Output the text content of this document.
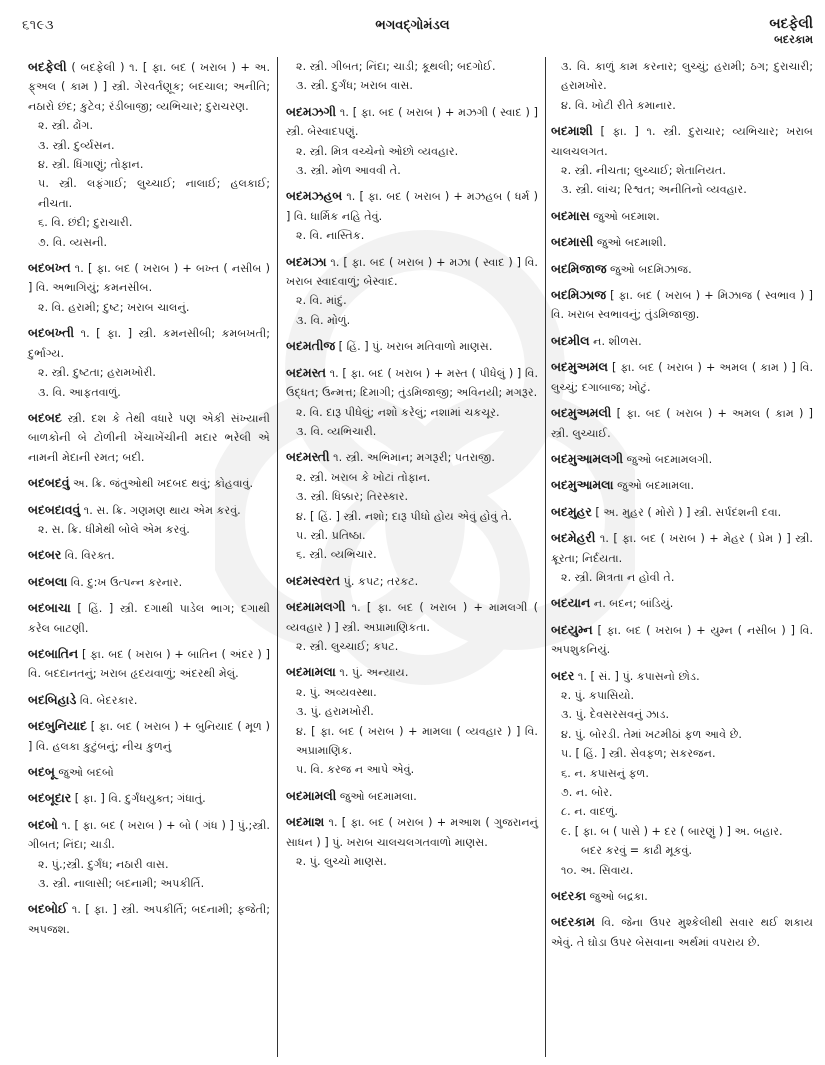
૬૧૯૩	ભગવદ્ગોમંડલ	બદફેલી
બદરકામ
બદફેલી ( બદફેલી ) ૧. [ ફા. બદ ( ખરાબ ) + અ. ફ્અલ ( કામ ) ] સ્ત્રી. ગેરવર્તણૂક; બદચાલ; અનીતિ; નઠારો છંદ; કુટેવ; રંડીબાજી; વ્યભિચાર; દુરાચરણ.
૨. સ્ત્રી. ઢોંગ.
૩. સ્ત્રી. દુર્વ્યસન.
૪. સ્ત્રી. ધિંગાણું; તોફાન.
૫. સ્ત્રી. લફંગાઈ; લુચ્ચાઈ; નાલાઈ; હલકાઈ; નીચતા.
૬. વિ. છંદી; દુરાચારી.
૭. વિ. વ્યસની.
બદબખ્ત ૧. [ ફા. બદ ( ખરાબ ) + બખ્ત ( નસીબ ) ] વિ. અભાગિયું; કમનસીબ.
૨. વિ. હરામી; દુષ્ટ; ખરાબ ચાલનું.
બદબખ્તી ૧. [ ફા. ] સ્ત્રી. કમનસીબી; કમબખતી; દુર્ભાગ્ય.
૨. સ્ત્રી. દુષ્ટતા; હરામખોરી.
૩. વિ. આફતવાળું.
બદબદ સ્ત્રી. દશ કે તેથી વધારે પણ એકી સંખ્યાની બાળકોની બે ટોળીની ખેંચાખેંચીની મદાર ભરેલી એ નામની મેદાની રમત; બદી.
બદબદવું અ. ક્રિ. જંતુઓથી ખદબદ થવું; કોહવાવું.
બદબદાવવું ૧. સ. ક્રિ. ગણમણ થાય એમ કરવું.
૨. સ. ક્રિ. ધીમેથી બોલે એમ કરવું.
બદબર વિ. વિરક્ત.
બદબલા વિ. દુ:ખ ઉત્પન્ન કરનાર.
બદબાચા [ હિં. ] સ્ત્રી. દગાથી પાડેલ ભાગ; દગાથી કરેલ બાટણી.
બદબાતિન [ ફા. બદ ( ખરાબ ) + બાતિન ( અંદર ) ] વિ. બદદાનતનું; ખરાબ હૃદયવાળું; અંદરથી મેલું.
બદબિહાડે વિ. બેદરકાર.
બદબુનિયાદ [ ફા. બદ ( ખરાબ ) + બુનિયાદ ( મૂળ ) ] વિ. હલકા કુટુંબનું; નીચ કુળનું
બદબૂ જુઓ બદબો
બદબૂદાર [ ફા. ] વિ. દુર્ગંધયુક્ત; ગંધાતું.
બદબો ૧. [ ફા. બદ ( ખરાબ ) + બો ( ગંધ ) ] પું.;સ્ત્રી. ગીબત; નિંદા; ચાડી.
૨. પું.;સ્ત્રી. દુર્ગંધ; નઠારી વાસ.
૩. સ્ત્રી. નાલાસી; બદનામી; અપકીર્તિ.
બદબોઈ ૧. [ ફા. ] સ્ત્રી. અપકીર્તિ; બદનામી; ફજેતી; અપજશ.
૨. સ્ત્રી. ગીબત; નિંદા; ચાડી; કૂથલી; બદગોઈ.
૩. સ્ત્રી. દુર્ગંધ; ખરાબ વાસ.
બદમઝગી ૧. [ ફા. બદ ( ખરાબ ) + મઝગી ( સ્વાદ ) ] સ્ત્રી. બેસ્વાદપણું.
૨. સ્ત્રી. મિત્ર વચ્ચેનો ઓછો વ્યવહાર.
૩. સ્ત્રી. મોળ આવવી તે.
બદમઝહબ ૧. [ ફા. બદ ( ખરાબ ) + મઝહબ ( ધર્મ ) ] વિ. ધાર્મિક નહિ તેવું.
૨. વિ. નાસ્તિક.
બદમઝા ૧. [ ફા. બદ ( ખરાબ ) + મઝા ( સ્વાદ ) ] વિ. ખરાબ સ્વાદવાળું; બેસ્વાદ.
૨. વિ. માંદું.
૩. વિ. મોળું.
બદમતીજ [ હિં. ] પું. ખરાબ મતિવાળો માણસ.
બદમસ્ત ૧. [ ફા. બદ ( ખરાબ ) + મસ્ત ( પીધેલું ) ] વિ. ઉદ્ધત; ઉન્મત્ત; દિમાગી; તુંડમિજાજી; અવિનયી; મગરૂર.
૨. વિ. દારૂ પીધેલું; નશો કરેલું; નશામાં ચકચૂર.
૩. વિ. વ્યભિચારી.
બદમસ્તી ૧. સ્ત્રી. અભિમાન; મગરૂરી; પતરાજી.
૨. સ્ત્રી. ખરાબ કે ખોટાં તોફાન.
૩. સ્ત્રી. ધિક્કાર; તિરસ્કાર.
૪. [ હિં. ] સ્ત્રી. નશો; દારૂ પીધો હોય એવું હોવું તે.
૫. સ્ત્રી. પ્રતિષ્ઠા.
૬. સ્ત્રી. વ્યભિચાર.
બદમસ્વરત પું. કપટ; તરકટ.
બદમામલગી ૧. [ ફા. બદ ( ખરાબ ) + મામલગી ( વ્યવહાર ) ] સ્ત્રી. અપ્રામાણિકતા.
૨. સ્ત્રી. લુચ્ચાઈ; કપટ.
બદમામલા ૧. પું. અન્યાય.
૨. પું. અવ્યવસ્થા.
૩. પું. હરામખોરી.
૪. [ ફા. બદ ( ખરાબ ) + મામલા ( વ્યવહાર ) ] વિ. અપ્રામાણિક.
૫. વિ. કરજ ન આપે એવું.
બદમામલી જુઓ બદમામલા.
બદમાશ ૧. [ ફા. બદ ( ખરાબ ) + મઆશ ( ગુજરાનનું સાધન ) ] પું. ખરાબ ચાલચલગતવાળો માણસ.
૨. પું. લુચ્ચો માણસ.
૩. વિ. કાળું કામ કરનાર; લુચ્ચું; હરામી; ઠગ; દુરાચારી; હરામખોર.
૪. વિ. ખોટી રીતે કમાનાર.
બદમાશી [ ફા. ] ૧. સ્ત્રી. દુરાચાર; વ્યભિચાર; ખરાબ ચાલચલગત.
૨. સ્ત્રી. નીચતા; લુચ્ચાઈ; શેતાનિયત.
૩. સ્ત્રી. લાંચ; રિશ્વત; અનીતિનો વ્યવહાર.
બદમાસ જુઓ બદમાશ.
બદમાસી જુઓ બદમાશી.
બદમિજાજ જુઓ બદમિઝાજ.
બદમિઝાજ [ ફા. બદ ( ખરાબ ) + મિઝાજ ( સ્વભાવ ) ] વિ. ખરાબ સ્વભાવનું; તુંડમિજાજી.
બદમીલ ન. શીળસ.
બદમુઅમલ [ ફા. બદ ( ખરાબ ) + અમલ ( કામ ) ] વિ. લુચ્ચું; દગાબાજ; ખોટું.
બદમુઅમલી [ ફા. બદ ( ખરાબ ) + અમલ ( કામ ) ] સ્ત્રી. લુચ્ચાઈ.
બદમુઆમલગી જુઓ બદમામલગી.
બદમુઆમલા જુઓ બદમામલા.
બદમુહર [ અ. મુહર ( મોરો ) ] સ્ત્રી. સર્પદંશની દવા.
બદમેહરી ૧. [ ફા. બદ ( ખરાબ ) + મેહર ( પ્રેમ ) ] સ્ત્રી. ક્રૂરતા; નિર્દયતા.
૨. સ્ત્રી. મિત્રતા ન હોવી તે.
બદયાન ન. બદન; બાંડિયું.
બદયુમ્ન [ ફા. બદ ( ખરાબ ) + યુમ્ન ( નસીબ ) ] વિ. અપશુકનિયું.
બદર ૧. [ સં. ] પું. કપાસનો છોડ.
૨. પું. કપાસિયો.
૩. પું. દેવસરસવનું ઝાડ.
૪. પું. બોરડી. તેમાં ખટમીઠાં ફળ આવે છે.
૫. [ હિં. ] સ્ત્રી. સેવફળ; સકરજન.
૬. ન. કપાસનું ફળ.
૭. ન. બોર.
૮. ન. વાદળું.
૯. [ ફા. બ ( પાસે ) + દર ( બારણું ) ] અ. બહાર.
બદર કરવું = કાઢી મૂકવું.
૧૦. અ. સિવાય.
બદરકા જુઓ બદ્રકા.
બદરકામ વિ. જેના ઉપર મુશ્કેલીથી સવાર થઈ શકાય એવું. તે ઘોડા ઉપર બેસવાના અર્થમાં વપરાય છે.
